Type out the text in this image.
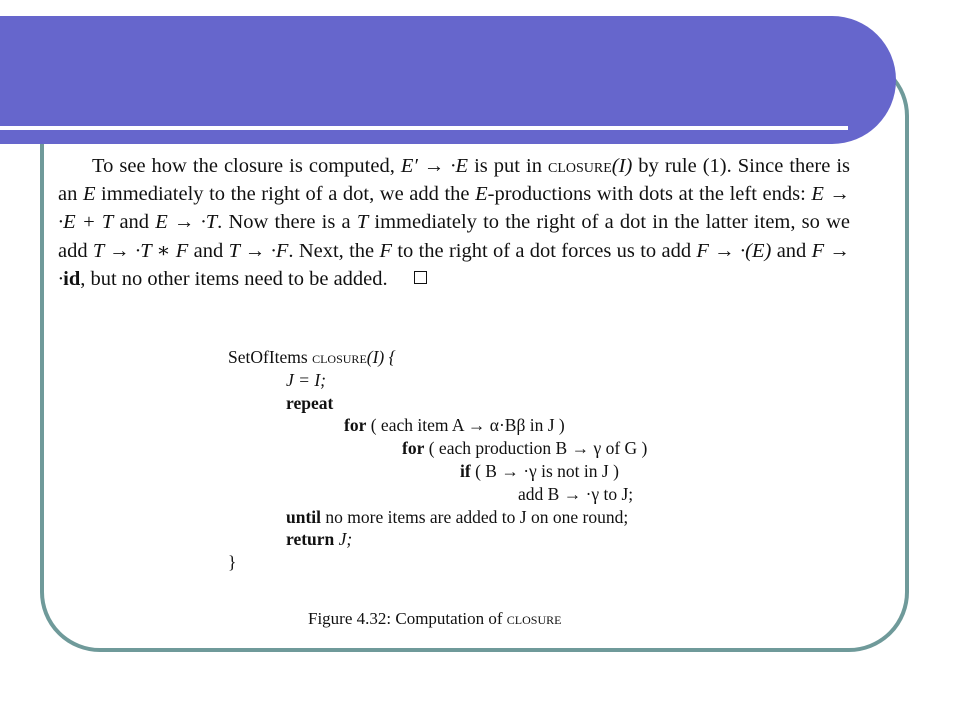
To see how the closure is computed, E′ → ·E is put in closure(I) by rule (1). Since there is an E immediately to the right of a dot, we add the E-productions with dots at the left ends: E → ·E + T and E → ·T. Now there is a T immediately to the right of a dot in the latter item, so we add T → ·T ∗ F and T → ·F. Next, the F to the right of a dot forces us to add F → ·(E) and F → ·id, but no other items need to be added.

SetOfItems closure(I) {
J = I;
repeat
for ( each item A → α·Bβ in J )
for ( each production B → γ of G )
if ( B → ·γ is not in J )
add B → ·γ to J;
until no more items are added to J on one round;
return J;
}
Figure 4.32: Computation of closure
